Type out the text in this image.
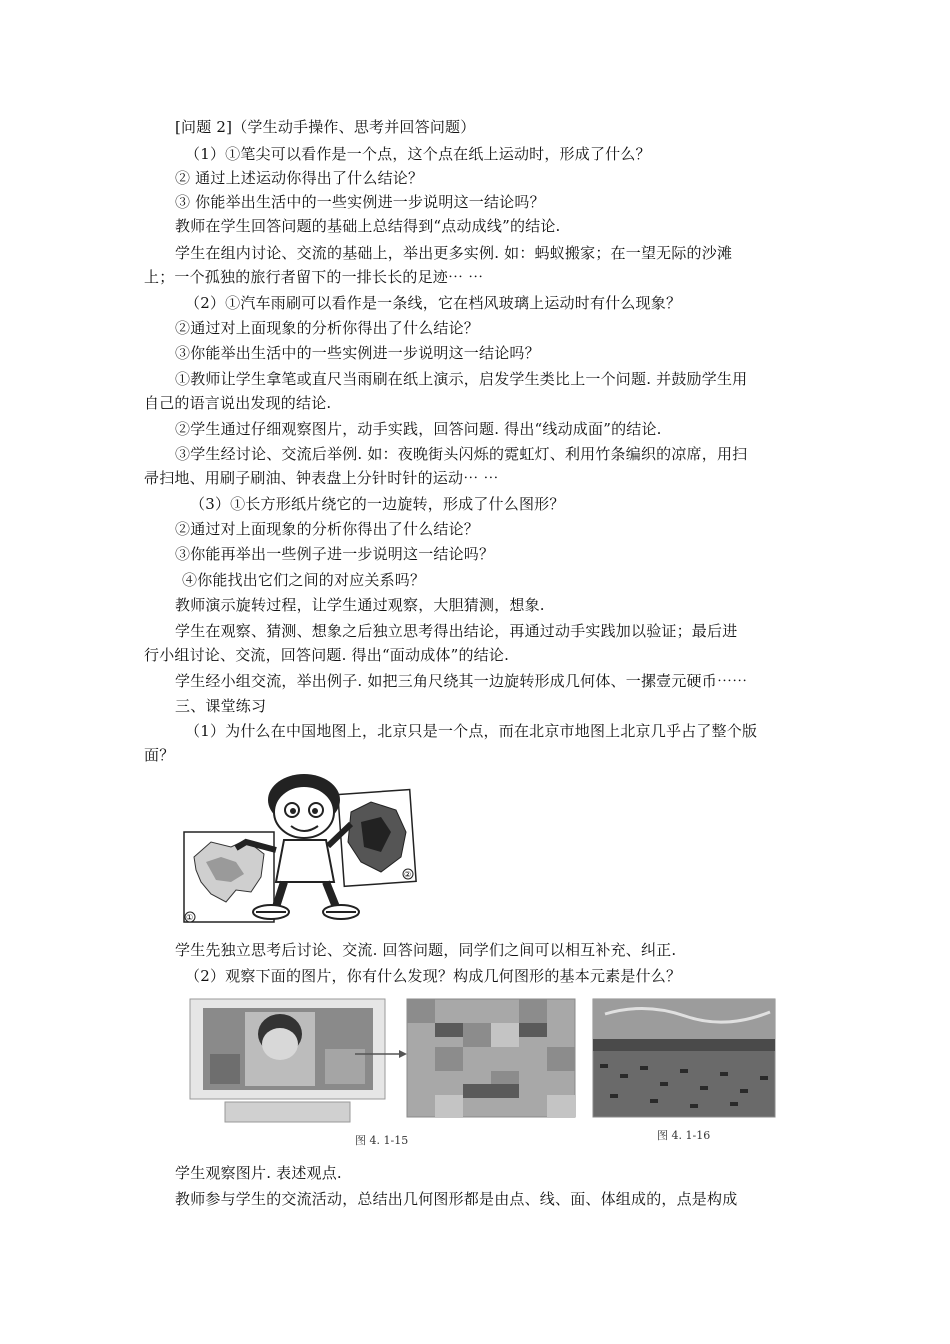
[问题 2]（学生动手操作、思考并回答问题）
（1）①笔尖可以看作是一个点，这个点在纸上运动时，形成了什么？
② 通过上述运动你得出了什么结论？
③ 你能举出生活中的一些实例进一步说明这一结论吗？
教师在学生回答问题的基础上总结得到“点动成线”的结论.
学生在组内讨论、交流的基础上，举出更多实例. 如：蚂蚁搬家；在一望无际的沙滩
上；一个孤独的旅行者留下的一排长长的足迹⋯ ⋯
（2）①汽车雨刷可以看作是一条线，它在档风玻璃上运动时有什么现象？
②通过对上面现象的分析你得出了什么结论？
③你能举出生活中的一些实例进一步说明这一结论吗？
①教师让学生拿笔或直尺当雨刷在纸上演示，启发学生类比上一个问题. 并鼓励学生用
自己的语言说出发现的结论.
②学生通过仔细观察图片，动手实践，回答问题. 得出“线动成面”的结论.
③学生经讨论、交流后举例. 如：夜晚街头闪烁的霓虹灯、利用竹条编织的凉席，用扫
帚扫地、用刷子刷油、钟表盘上分针时针的运动⋯ ⋯
（3）①长方形纸片绕它的一边旋转，形成了什么图形？
②通过对上面现象的分析你得出了什么结论？
③你能再举出一些例子进一步说明这一结论吗？
④你能找出它们之间的对应关系吗？
教师演示旋转过程，让学生通过观察，大胆猜测，想象.
学生在观察、猜测、想象之后独立思考得出结论，再通过动手实践加以验证；最后进
行小组讨论、交流，回答问题. 得出“面动成体”的结论.
学生经小组交流，举出例子. 如把三角尺绕其一边旋转形成几何体、一摞壹元硬币⋯⋯
三、课堂练习
（1）为什么在中国地图上，北京只是一个点，而在北京市地图上北京几乎占了整个版
面？
①
②
学生先独立思考后讨论、交流. 回答问题，同学们之间可以相互补充、纠正.
（2）观察下面的图片，你有什么发现？构成几何图形的基本元素是什么？
图 4. 1-15	图 4. 1-16
学生观察图片. 表述观点.
教师参与学生的交流活动，总结出几何图形都是由点、线、面、体组成的，点是构成
